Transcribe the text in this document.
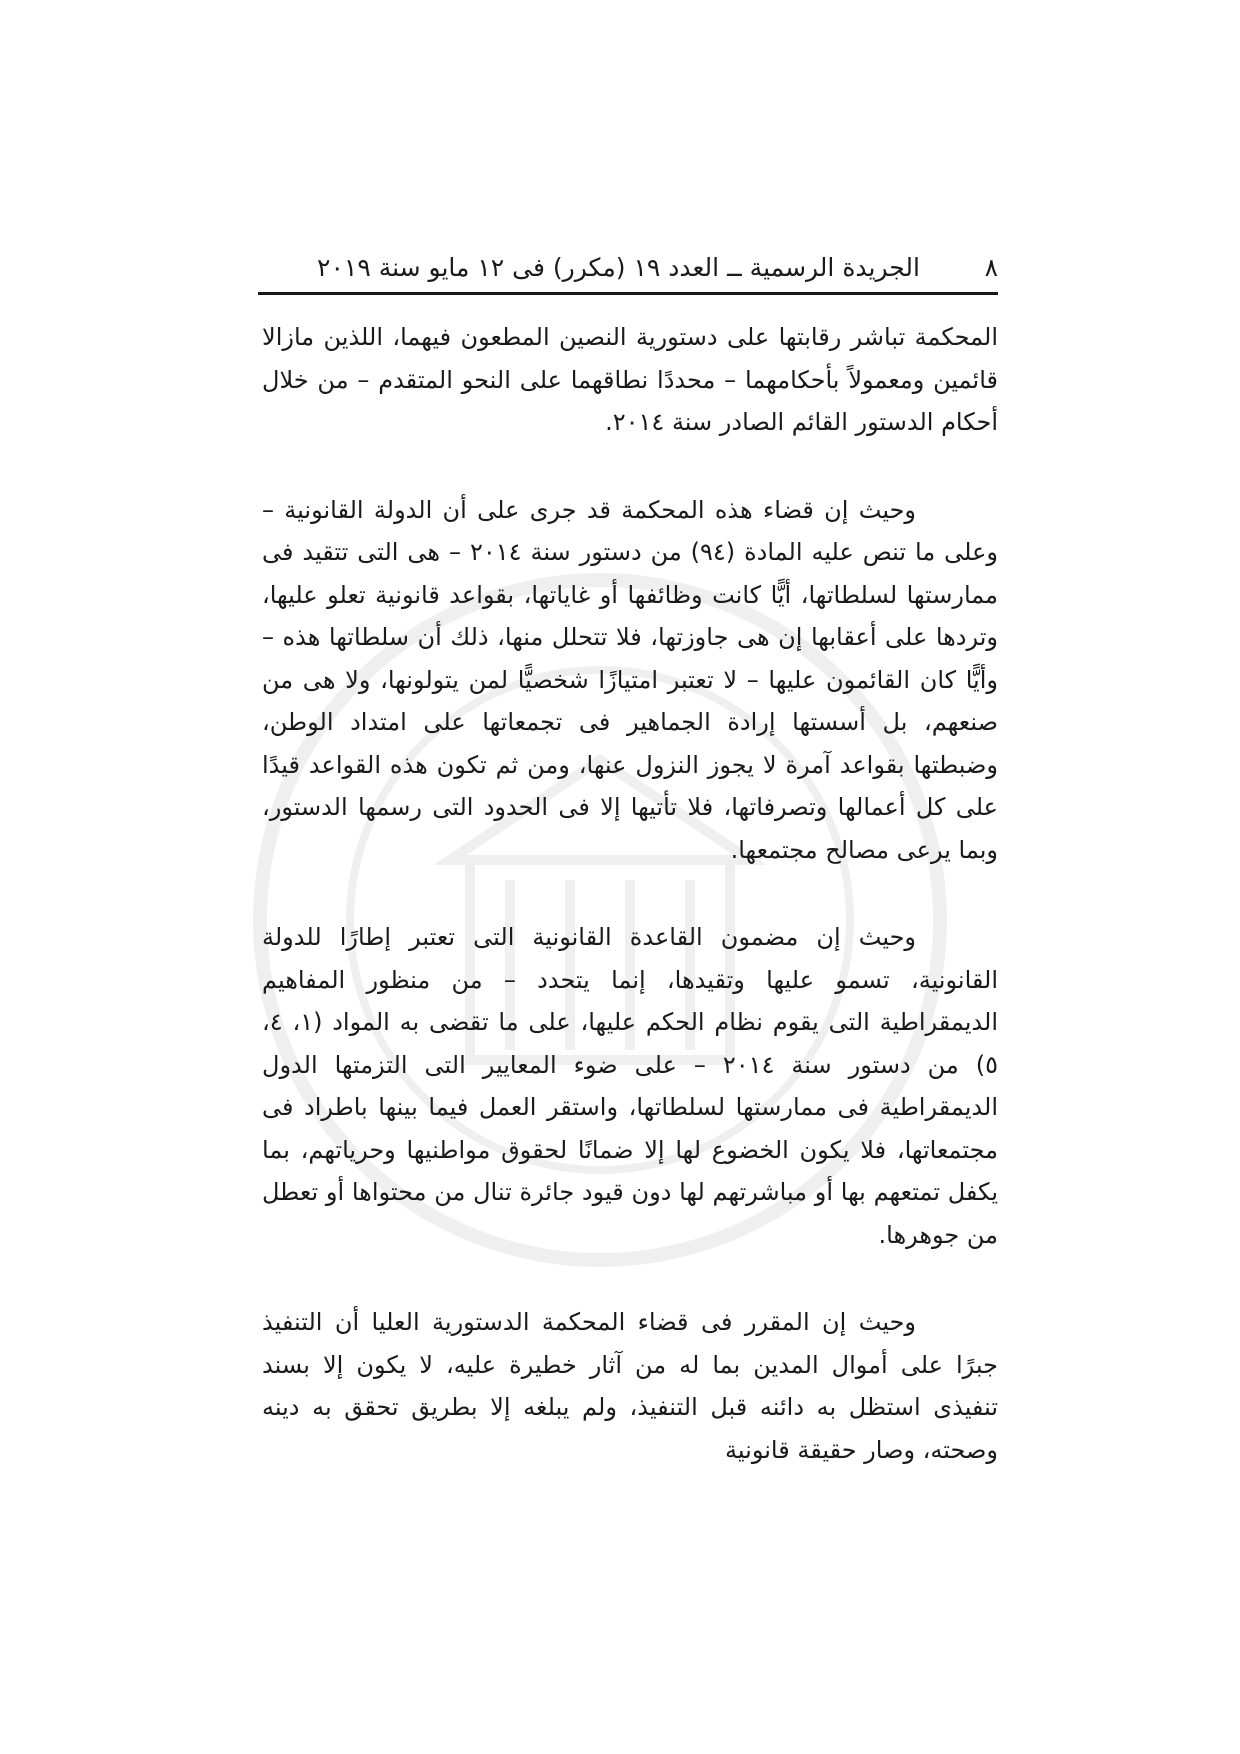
٨
الجريدة الرسمية ــ العدد ١٩ (مكرر) فى ١٢ مايو سنة ٢٠١٩

المحكمة تباشر رقابتها على دستورية النصين المطعون فيهما، اللذين مازالا قائمين ومعمولاً بأحكامهما – محددًا نطاقهما على النحو المتقدم – من خلال أحكام الدستور القائم الصادر سنة ٢٠١٤.

وحيث إن قضاء هذه المحكمة قد جرى على أن الدولة القانونية – وعلى ما تنص عليه المادة (٩٤) من دستور سنة ٢٠١٤ – هى التى تتقيد فى ممارستها لسلطاتها، أيًّا كانت وظائفها أو غاياتها، بقواعد قانونية تعلو عليها، وتردها على أعقابها إن هى جاوزتها، فلا تتحلل منها، ذلك أن سلطاتها هذه – وأيًّا كان القائمون عليها – لا تعتبر امتيازًا شخصيًّا لمن يتولونها، ولا هى من صنعهم، بل أسستها إرادة الجماهير فى تجمعاتها على امتداد الوطن، وضبطتها بقواعد آمرة لا يجوز النزول عنها، ومن ثم تكون هذه القواعد قيدًا على كل أعمالها وتصرفاتها، فلا تأتيها إلا فى الحدود التى رسمها الدستور، وبما يرعى مصالح مجتمعها.

وحيث إن مضمون القاعدة القانونية التى تعتبر إطارًا للدولة القانونية، تسمو عليها وتقيدها، إنما يتحدد – من منظور المفاهيم الديمقراطية التى يقوم نظام الحكم عليها، على ما تقضى به المواد (١، ٤، ٥) من دستور سنة ٢٠١٤ – على ضوء المعايير التى التزمتها الدول الديمقراطية فى ممارستها لسلطاتها، واستقر العمل فيما بينها باطراد فى مجتمعاتها، فلا يكون الخضوع لها إلا ضمانًا لحقوق مواطنيها وحرياتهم، بما يكفل تمتعهم بها أو مباشرتهم لها دون قيود جائرة تنال من محتواها أو تعطل من جوهرها.

وحيث إن المقرر فى قضاء المحكمة الدستورية العليا أن التنفيذ جبرًا على أموال المدين بما له من آثار خطيرة عليه، لا يكون إلا بسند تنفيذى استظل به دائنه قبل التنفيذ، ولم يبلغه إلا بطريق تحقق به دينه وصحته، وصار حقيقة قانونية
